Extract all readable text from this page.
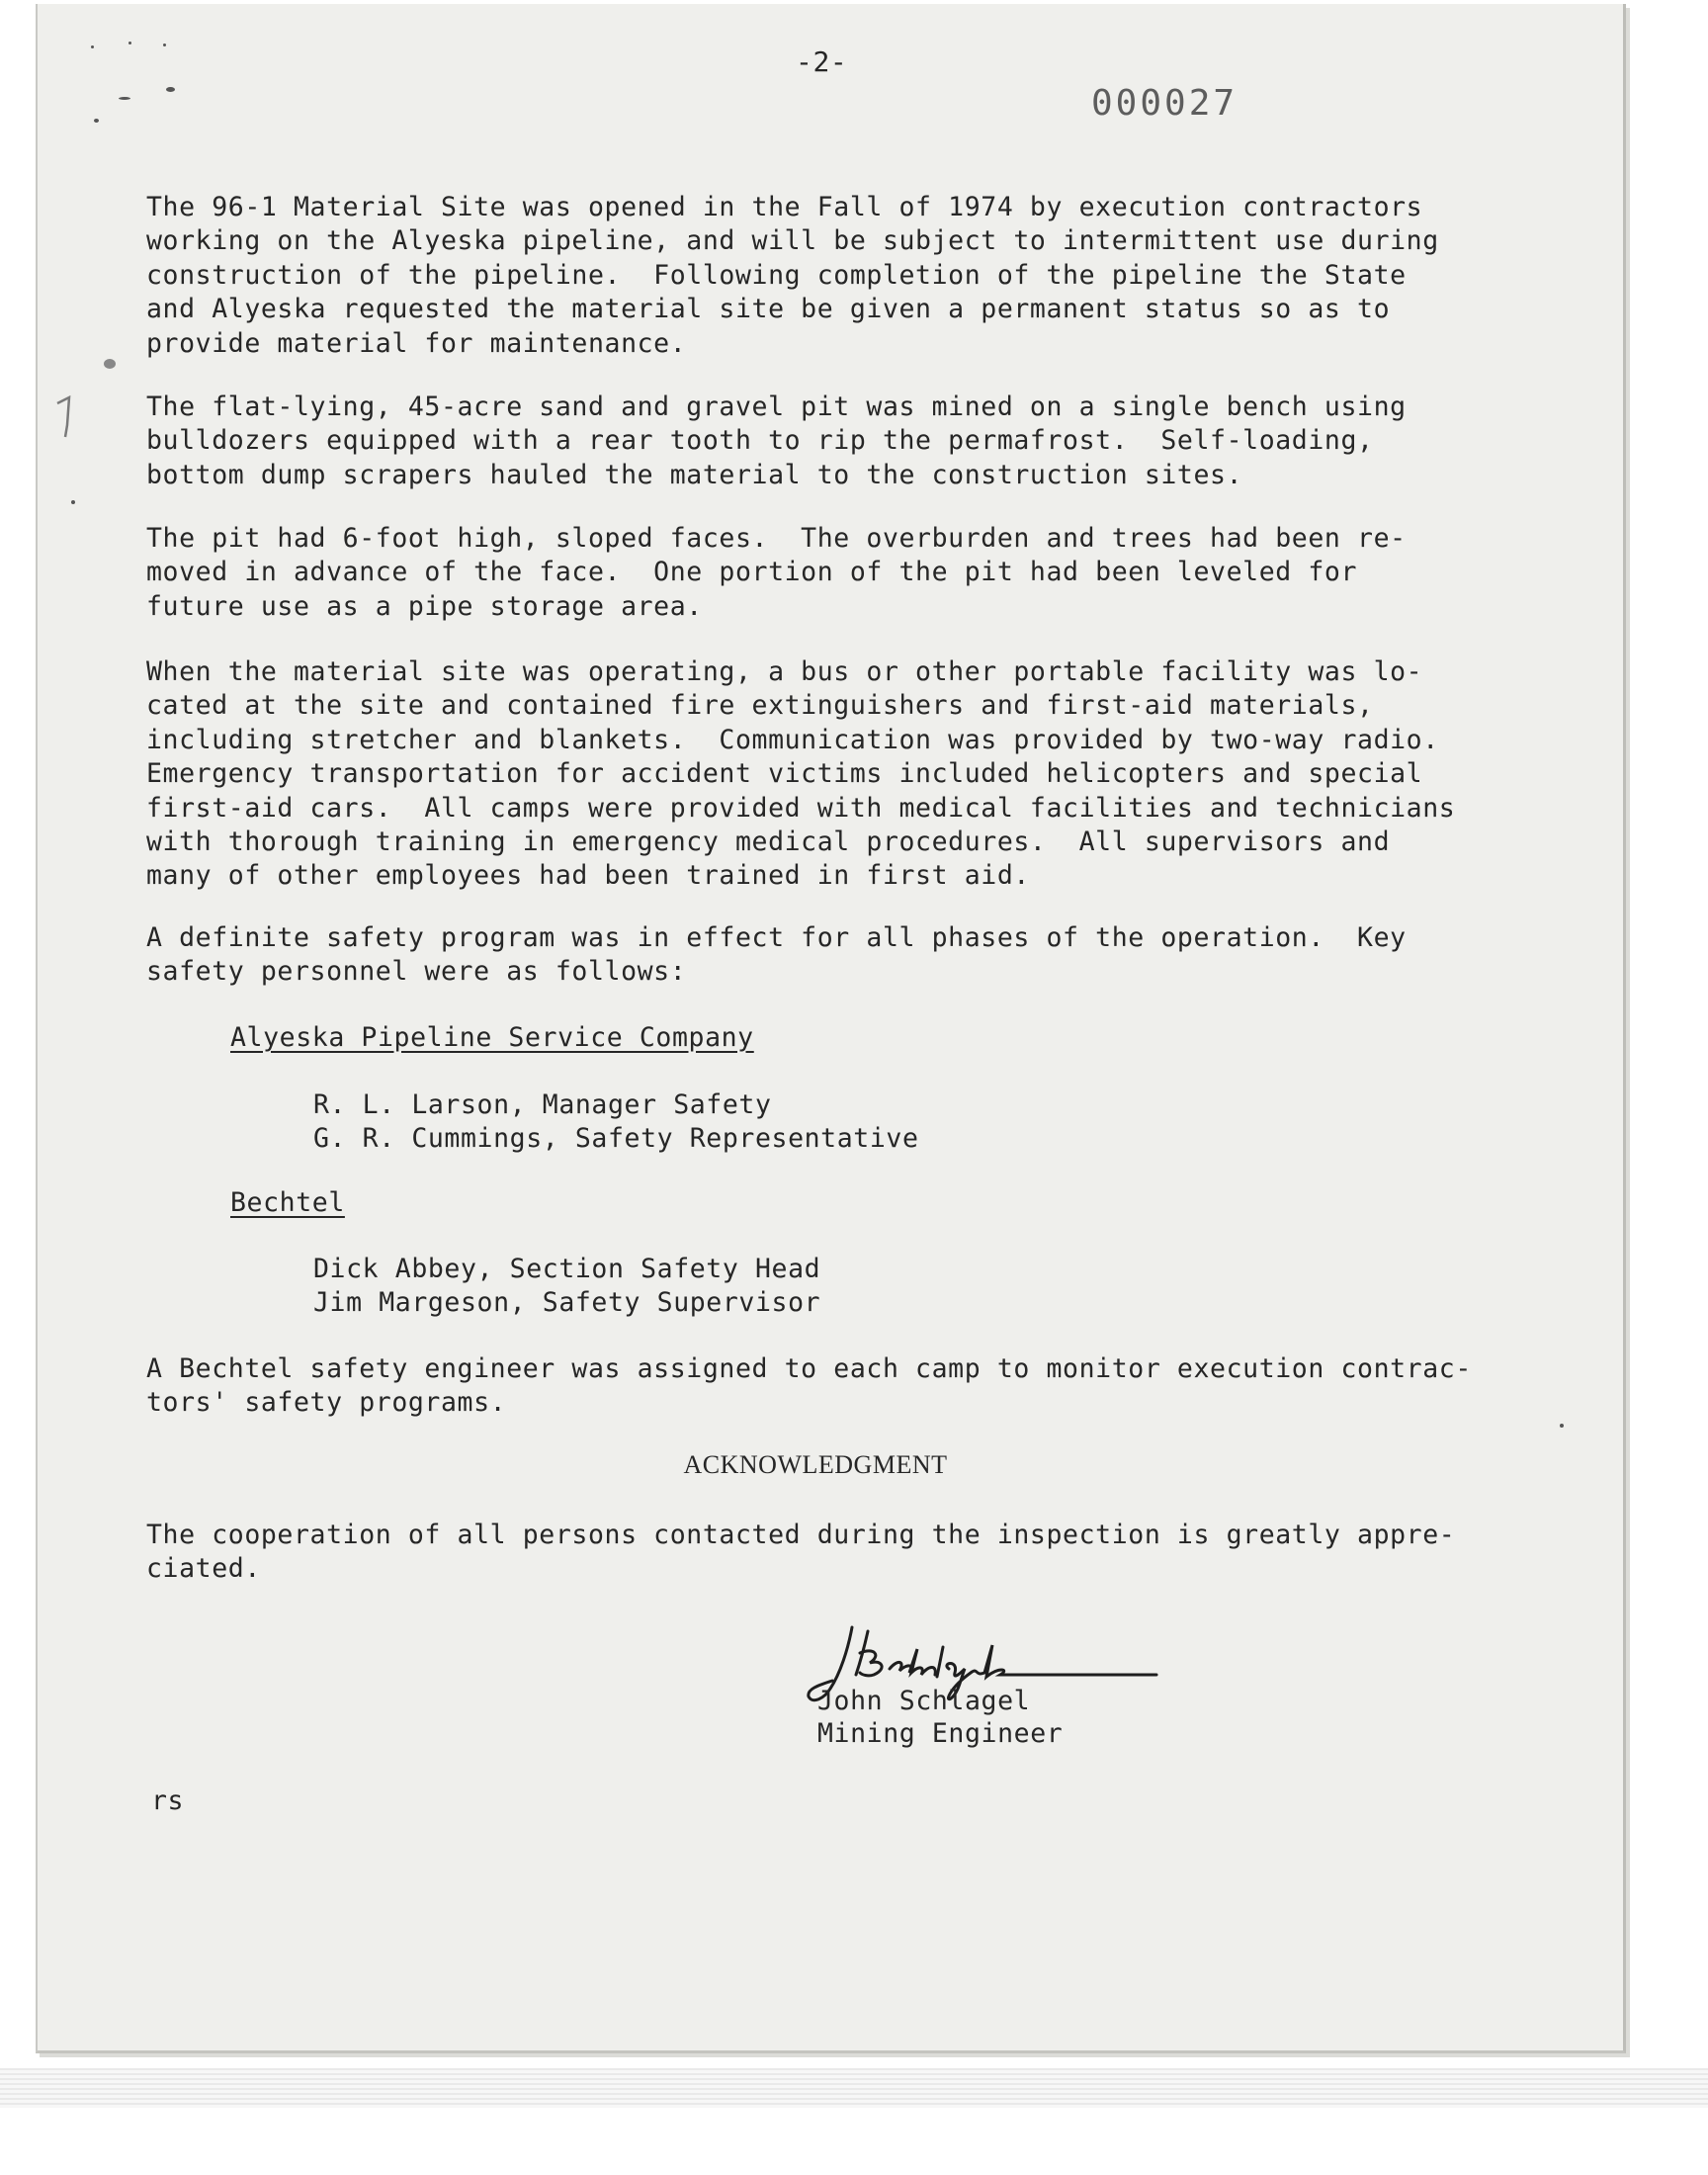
-2-
000027
The 96-1 Material Site was opened in the Fall of 1974 by execution contractors
working on the Alyeska pipeline, and will be subject to intermittent use during
construction of the pipeline.  Following completion of the pipeline the State
and Alyeska requested the material site be given a permanent status so as to
provide material for maintenance.
The flat-lying, 45-acre sand and gravel pit was mined on a single bench using
bulldozers equipped with a rear tooth to rip the permafrost.  Self-loading,
bottom dump scrapers hauled the material to the construction sites.
The pit had 6-foot high, sloped faces.  The overburden and trees had been re-
moved in advance of the face.  One portion of the pit had been leveled for
future use as a pipe storage area.
When the material site was operating, a bus or other portable facility was lo-
cated at the site and contained fire extinguishers and first-aid materials,
including stretcher and blankets.  Communication was provided by two-way radio.
Emergency transportation for accident victims included helicopters and special
first-aid cars.  All camps were provided with medical facilities and technicians
with thorough training in emergency medical procedures.  All supervisors and
many of other employees had been trained in first aid.
A definite safety program was in effect for all phases of the operation.  Key
safety personnel were as follows:
Alyeska Pipeline Service Company
R. L. Larson, Manager Safety
G. R. Cummings, Safety Representative
Bechtel
Dick Abbey, Section Safety Head
Jim Margeson, Safety Supervisor
A Bechtel safety engineer was assigned to each camp to monitor execution contrac-
tors' safety programs.
ACKNOWLEDGMENT
The cooperation of all persons contacted during the inspection is greatly appre-
ciated.
John Schlagel
Mining Engineer
rs
